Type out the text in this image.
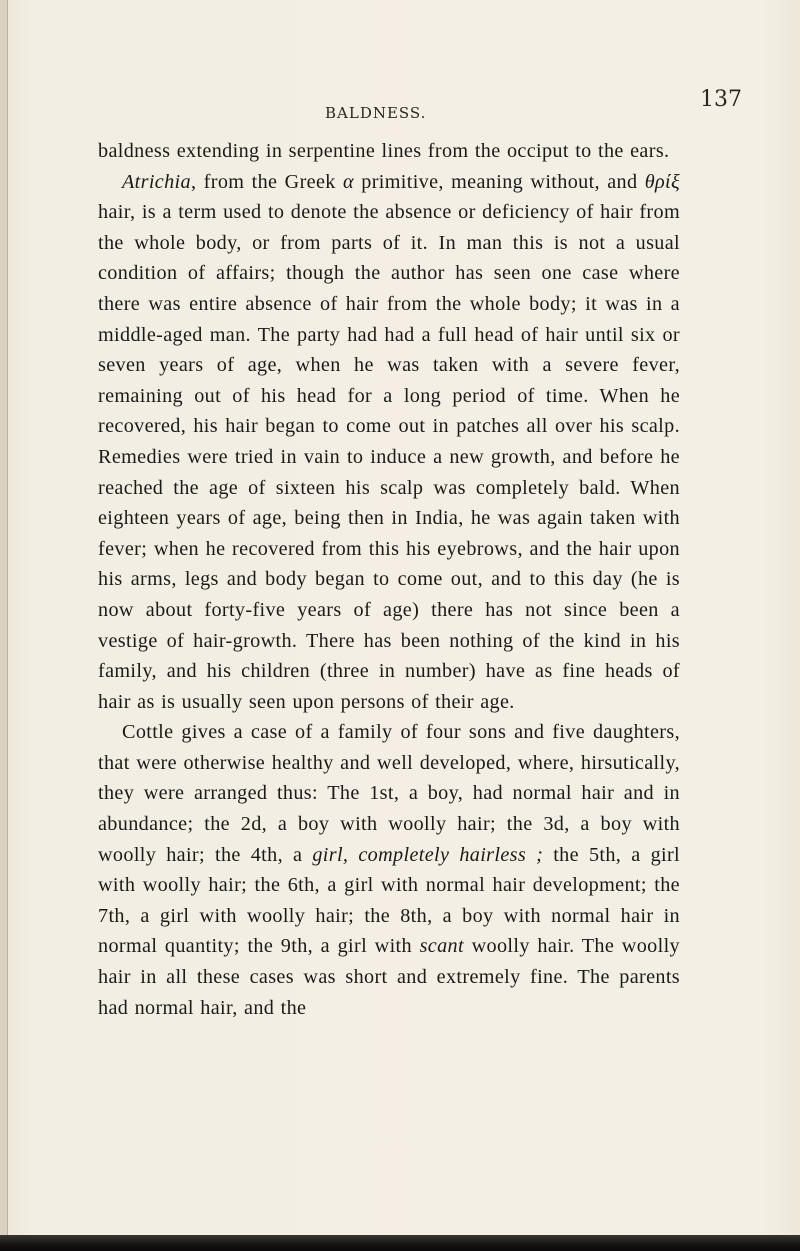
BALDNESS.
137

baldness extending in serpentine lines from the occiput to the ears.

Atrichia, from the Greek α primitive, meaning without, and θρίξ hair, is a term used to denote the absence or deficiency of hair from the whole body, or from parts of it. In man this is not a usual condition of affairs; though the author has seen one case where there was entire absence of hair from the whole body; it was in a middle-aged man. The party had had a full head of hair until six or seven years of age, when he was taken with a severe fever, remaining out of his head for a long period of time. When he recovered, his hair began to come out in patches all over his scalp. Remedies were tried in vain to induce a new growth, and before he reached the age of sixteen his scalp was completely bald. When eighteen years of age, being then in India, he was again taken with fever; when he recovered from this his eyebrows, and the hair upon his arms, legs and body began to come out, and to this day (he is now about forty-five years of age) there has not since been a vestige of hair-growth. There has been nothing of the kind in his family, and his children (three in number) have as fine heads of hair as is usually seen upon persons of their age.

Cottle gives a case of a family of four sons and five daughters, that were otherwise healthy and well developed, where, hirsutically, they were arranged thus: The 1st, a boy, had normal hair and in abundance; the 2d, a boy with woolly hair; the 3d, a boy with woolly hair; the 4th, a girl, completely hairless ; the 5th, a girl with woolly hair; the 6th, a girl with normal hair development; the 7th, a girl with woolly hair; the 8th, a boy with normal hair in normal quantity; the 9th, a girl with scant woolly hair. The woolly hair in all these cases was short and extremely fine. The parents had normal hair, and the
